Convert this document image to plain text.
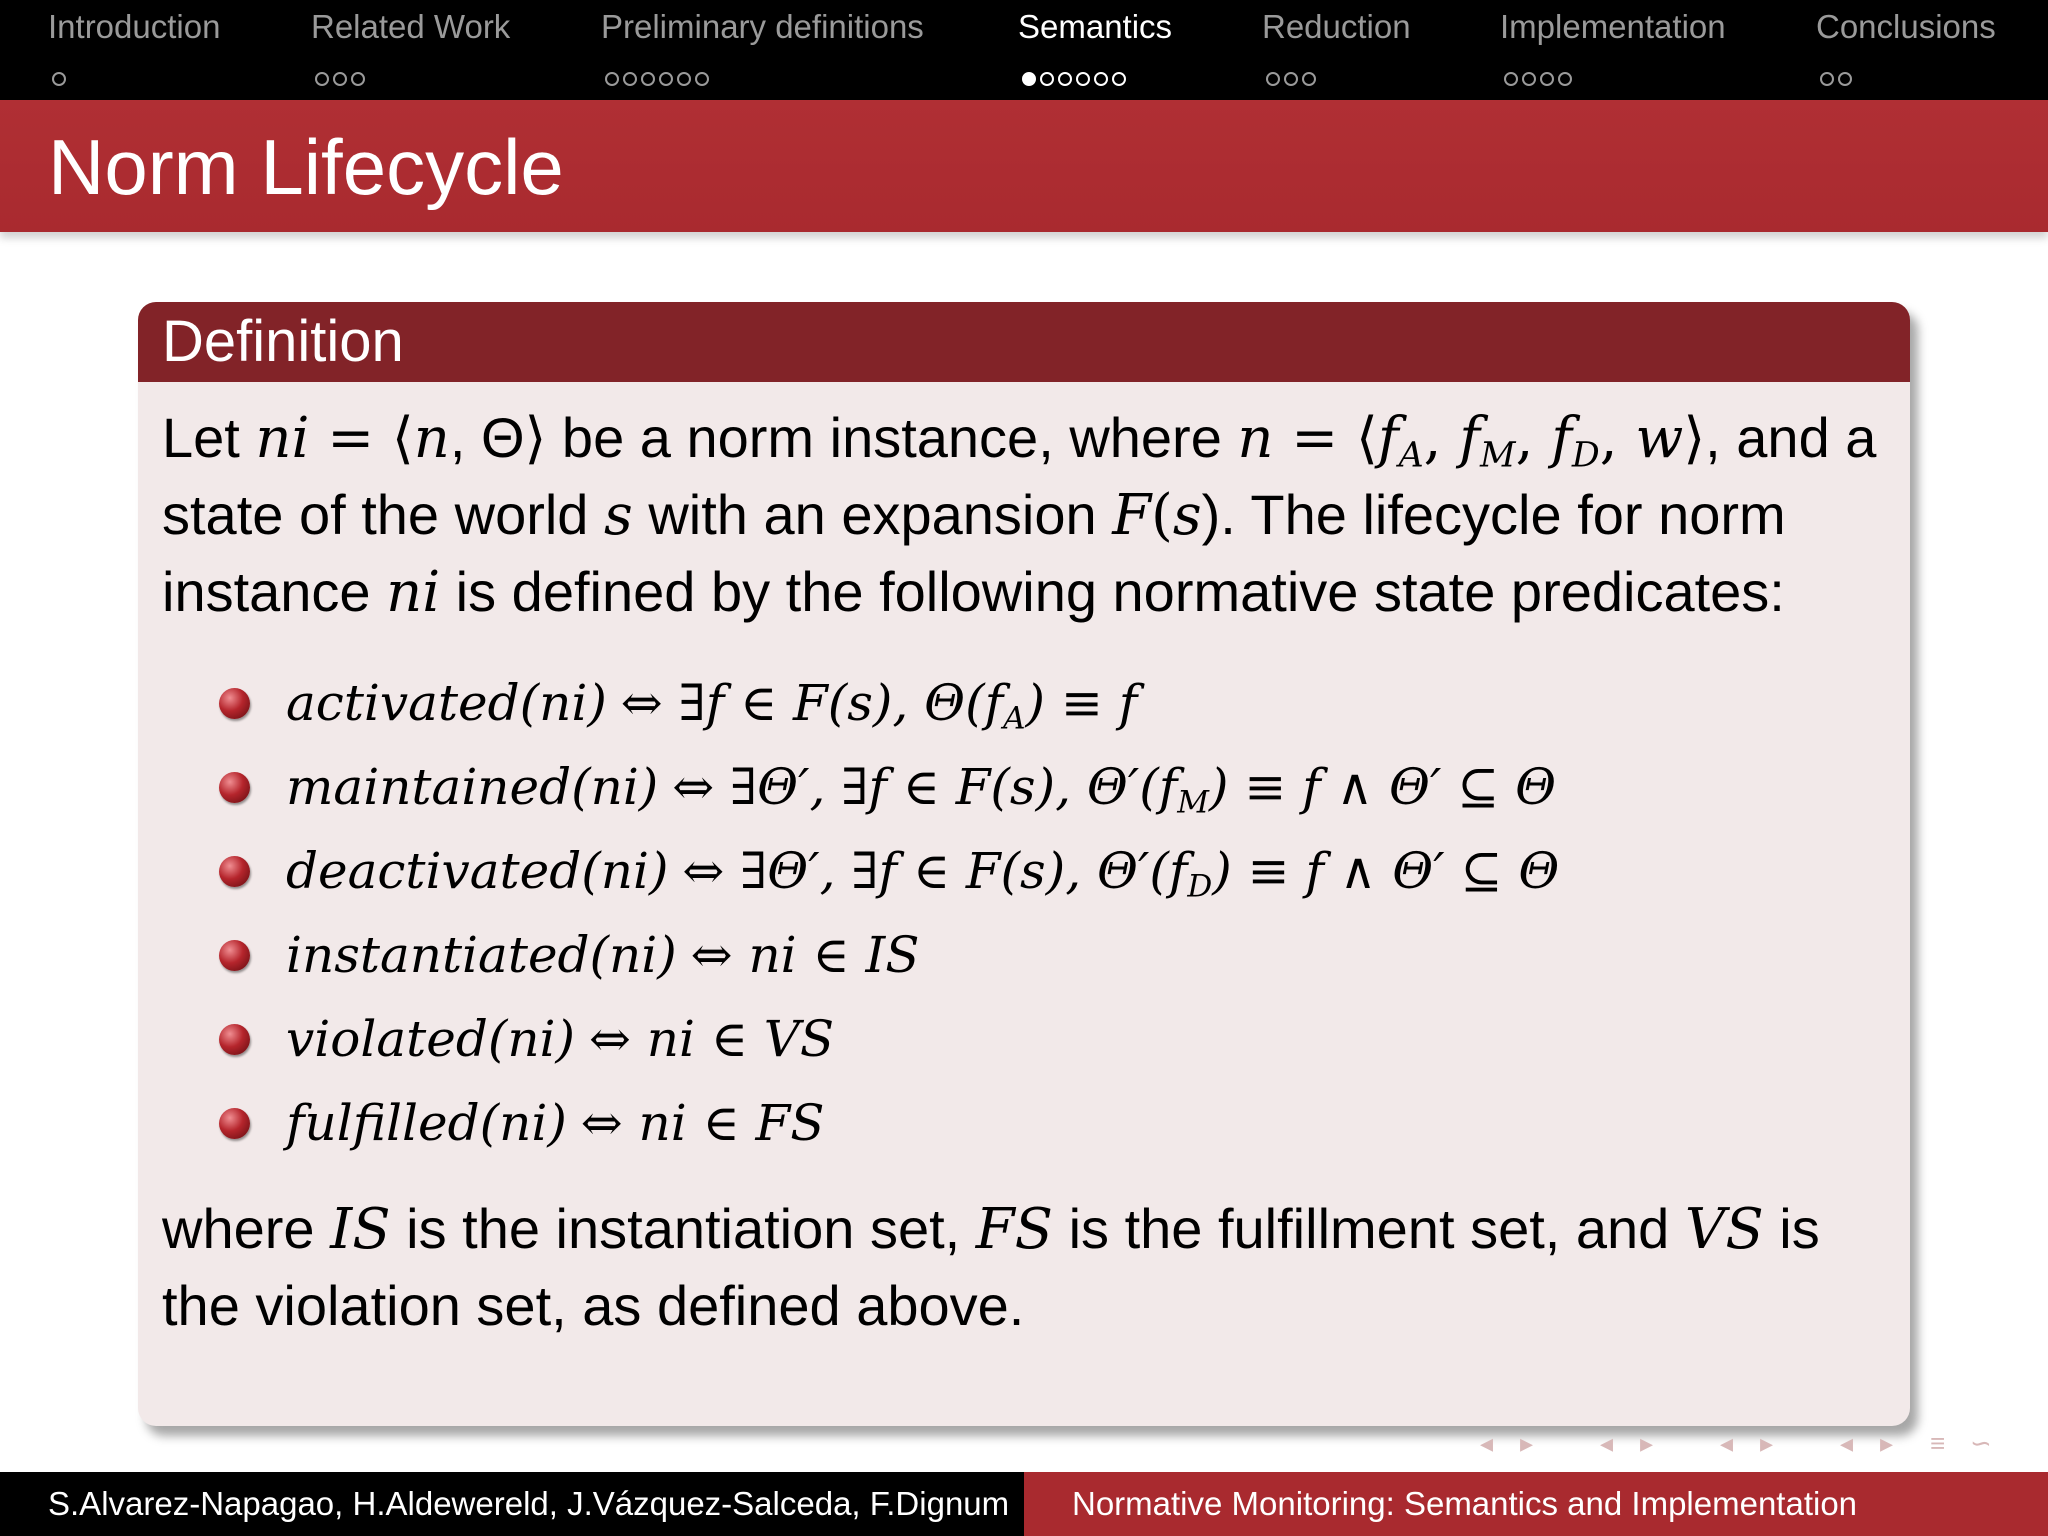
Introduction	Related Work	Preliminary definitions	Semantics	Reduction	Implementation	Conclusions
Norm Lifecycle
Definition
Let ni = ⟨n, Θ⟩ be a norm instance, where $n = ⟨f_A$, $f_M$, $f_D$, w⟩, and a state of the world s with an expansion F(s). The lifecycle for norm instance ni is defined by the following normative state predicates:
activated(ni) ⇔ ∃f ∈ F(s), $\Theta(f_A) \equiv f$
maintained(ni) ⇔ ∃Θ′, ∃f ∈ F(s), $\Theta'(f_M) \equiv f$ ∧ Θ′ ⊆ Θ
deactivated(ni) ⇔ ∃Θ′, ∃f ∈ F(s), $\Theta'(f_D) \equiv f$ ∧ Θ′ ⊆ Θ
instantiated(ni) ⇔ ni ∈ IS
violated(ni) ⇔ ni ∈ VS
fulfilled(ni) ⇔ ni ∈ FS
where IS is the instantiation set, FS is the fulfillment set, and VS is the violation set, as defined above.
◂ ▸	◂ ▸	◂ ▸	◂ ▸ ≡ ∽
S.Alvarez-Napagao, H.Aldewereld, J.Vázquez-Salceda, F.Dignum	Normative Monitoring: Semantics and Implementation
